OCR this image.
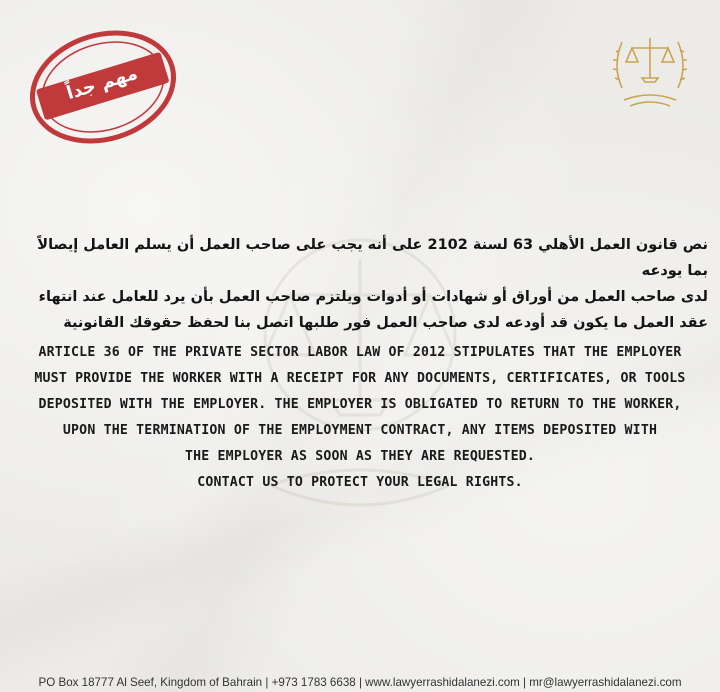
مهم جداً

نص قانون العمل الأهلي 63 لسنة 2102 على أنه يجب على صاحب العمل أن يسلم العامل إيصالاً بما يودعه

لدى صاحب العمل من أوراق أو شهادات أو أدوات ويلتزم صاحب العمل بأن يرد للعامل عند انتهاء

عقد العمل ما يكون قد أودعه لدى صاحب العمل فور طلبها اتصل بنا لحفظ حقوقك القانونية

ARTICLE 36 OF THE PRIVATE SECTOR LABOR LAW OF 2012 STIPULATES THAT THE EMPLOYER

MUST PROVIDE THE WORKER WITH A RECEIPT FOR ANY DOCUMENTS, CERTIFICATES, OR TOOLS

DEPOSITED WITH THE EMPLOYER. THE EMPLOYER IS OBLIGATED TO RETURN TO THE WORKER,

UPON THE TERMINATION OF THE EMPLOYMENT CONTRACT, ANY ITEMS DEPOSITED WITH

THE EMPLOYER AS SOON AS THEY ARE REQUESTED.

CONTACT US TO PROTECT YOUR LEGAL RIGHTS.

PO Box 18777 Al Seef, Kingdom of Bahrain | +973 1783 6638 | www.lawyerrashidalanezi.com | mr@lawyerrashidalanezi.com
